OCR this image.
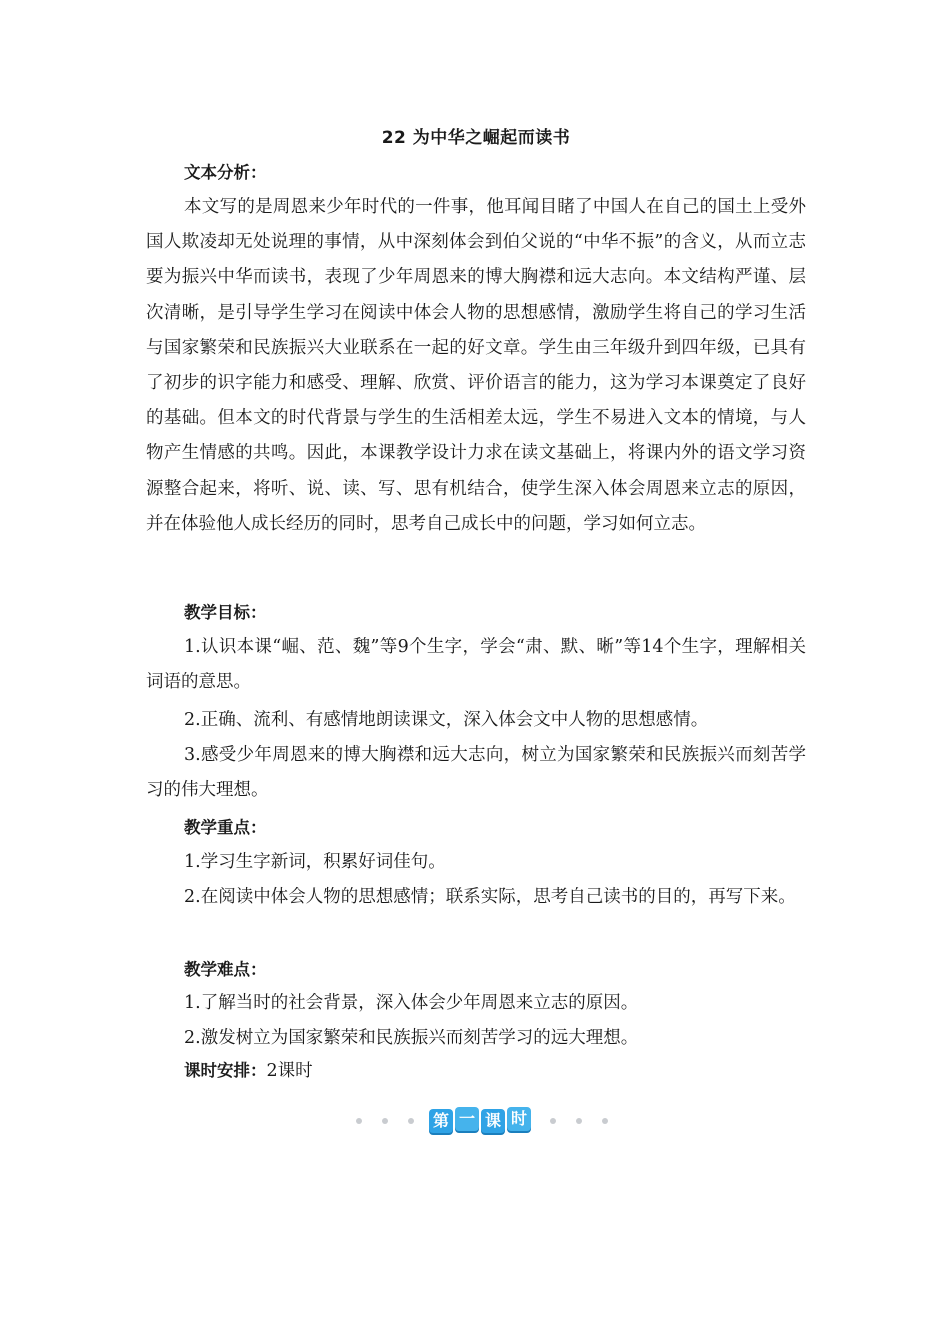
22 为中华之崛起而读书
文本分析：

本文写的是周恩来少年时代的一件事，他耳闻目睹了中国人在自己的国土上受外国人欺凌却无处说理的事情，从中深刻体会到伯父说的“中华不振”的含义，从而立志要为振兴中华而读书，表现了少年周恩来的博大胸襟和远大志向。本文结构严谨、层次清晰，是引导学生学习在阅读中体会人物的思想感情，激励学生将自己的学习生活与国家繁荣和民族振兴大业联系在一起的好文章。学生由三年级升到四年级，已具有了初步的识字能力和感受、理解、欣赏、评价语言的能力，这为学习本课奠定了良好的基础。但本文的时代背景与学生的生活相差太远，学生不易进入文本的情境，与人物产生情感的共鸣。因此，本课教学设计力求在读文基础上，将课内外的语文学习资源整合起来，将听、说、读、写、思有机结合，使学生深入体会周恩来立志的原因，并在体验他人成长经历的同时，思考自己成长中的问题，学习如何立志。

教学目标：

1.认识本课“崛、范、魏”等9个生字，学会“肃、默、晰”等14个生字，理解相关词语的意思。

2.正确、流利、有感情地朗读课文，深入体会文中人物的思想感情。

3.感受少年周恩来的博大胸襟和远大志向，树立为国家繁荣和民族振兴而刻苦学习的伟大理想。

教学重点：

1.学习生字新词，积累好词佳句。

2.在阅读中体会人物的思想感情；联系实际，思考自己读书的目的，再写下来。

教学难点：

1.了解当时的社会背景，深入体会少年周恩来立志的原因。

2.激发树立为国家繁荣和民族振兴而刻苦学习的远大理想。

课时安排：2课时
第 一 课 时
